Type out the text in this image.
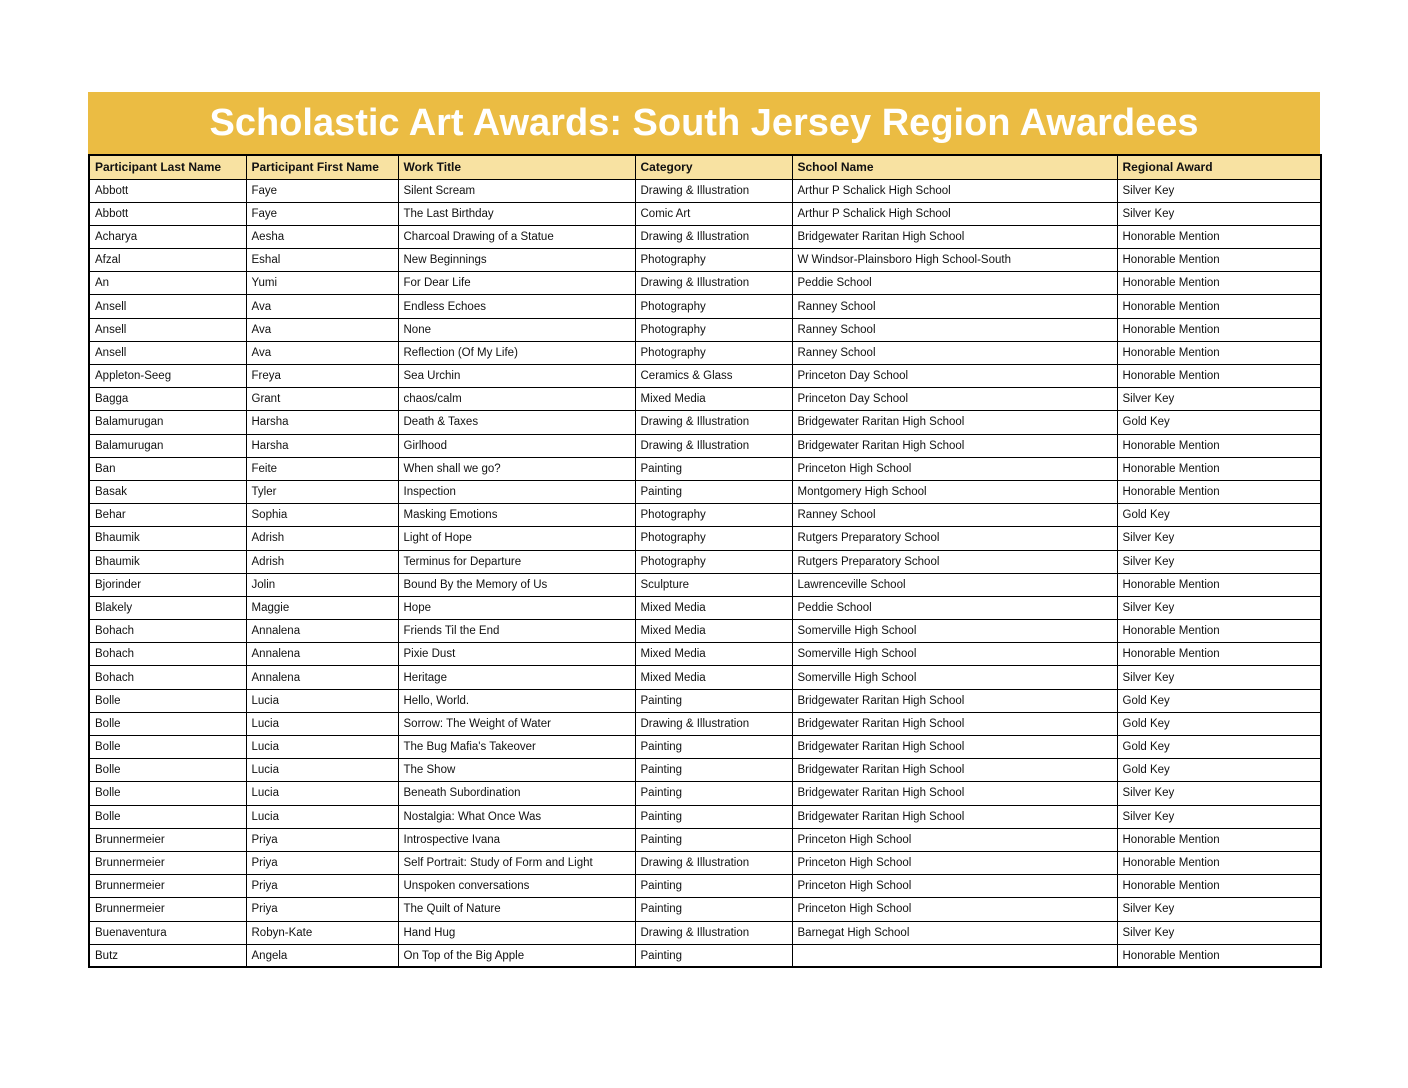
Scholastic Art Awards: South Jersey Region Awardees
Participant Last Name	Participant First Name	Work Title	Category	School Name	Regional Award
Abbott	Faye	Silent Scream	Drawing & Illustration	Arthur P Schalick High School	Silver Key
Abbott	Faye	The Last Birthday	Comic Art	Arthur P Schalick High School	Silver Key
Acharya	Aesha	Charcoal Drawing of a Statue	Drawing & Illustration	Bridgewater Raritan High School	Honorable Mention
Afzal	Eshal	New Beginnings	Photography	W Windsor-Plainsboro High School-South	Honorable Mention
An	Yumi	For Dear Life	Drawing & Illustration	Peddie School	Honorable Mention
Ansell	Ava	Endless Echoes	Photography	Ranney School	Honorable Mention
Ansell	Ava	None	Photography	Ranney School	Honorable Mention
Ansell	Ava	Reflection (Of My Life)	Photography	Ranney School	Honorable Mention
Appleton-Seeg	Freya	Sea Urchin	Ceramics & Glass	Princeton Day School	Honorable Mention
Bagga	Grant	chaos/calm	Mixed Media	Princeton Day School	Silver Key
Balamurugan	Harsha	Death & Taxes	Drawing & Illustration	Bridgewater Raritan High School	Gold Key
Balamurugan	Harsha	Girlhood	Drawing & Illustration	Bridgewater Raritan High School	Honorable Mention
Ban	Feite	When shall we go?	Painting	Princeton High School	Honorable Mention
Basak	Tyler	Inspection	Painting	Montgomery High School	Honorable Mention
Behar	Sophia	Masking Emotions	Photography	Ranney School	Gold Key
Bhaumik	Adrish	Light of Hope	Photography	Rutgers Preparatory School	Silver Key
Bhaumik	Adrish	Terminus for Departure	Photography	Rutgers Preparatory School	Silver Key
Bjorinder	Jolin	Bound By the Memory of Us	Sculpture	Lawrenceville School	Honorable Mention
Blakely	Maggie	Hope	Mixed Media	Peddie School	Silver Key
Bohach	Annalena	Friends Til the End	Mixed Media	Somerville High School	Honorable Mention
Bohach	Annalena	Pixie Dust	Mixed Media	Somerville High School	Honorable Mention
Bohach	Annalena	Heritage	Mixed Media	Somerville High School	Silver Key
Bolle	Lucia	Hello, World.	Painting	Bridgewater Raritan High School	Gold Key
Bolle	Lucia	Sorrow: The Weight of Water	Drawing & Illustration	Bridgewater Raritan High School	Gold Key
Bolle	Lucia	The Bug Mafia's Takeover	Painting	Bridgewater Raritan High School	Gold Key
Bolle	Lucia	The Show	Painting	Bridgewater Raritan High School	Gold Key
Bolle	Lucia	Beneath Subordination	Painting	Bridgewater Raritan High School	Silver Key
Bolle	Lucia	Nostalgia: What Once Was	Painting	Bridgewater Raritan High School	Silver Key
Brunnermeier	Priya	Introspective Ivana	Painting	Princeton High School	Honorable Mention
Brunnermeier	Priya	Self Portrait: Study of Form and Light	Drawing & Illustration	Princeton High School	Honorable Mention
Brunnermeier	Priya	Unspoken conversations	Painting	Princeton High School	Honorable Mention
Brunnermeier	Priya	The Quilt of Nature	Painting	Princeton High School	Silver Key
Buenaventura	Robyn-Kate	Hand Hug	Drawing & Illustration	Barnegat High School	Silver Key
Butz	Angela	On Top of the Big Apple	Painting		Honorable Mention
